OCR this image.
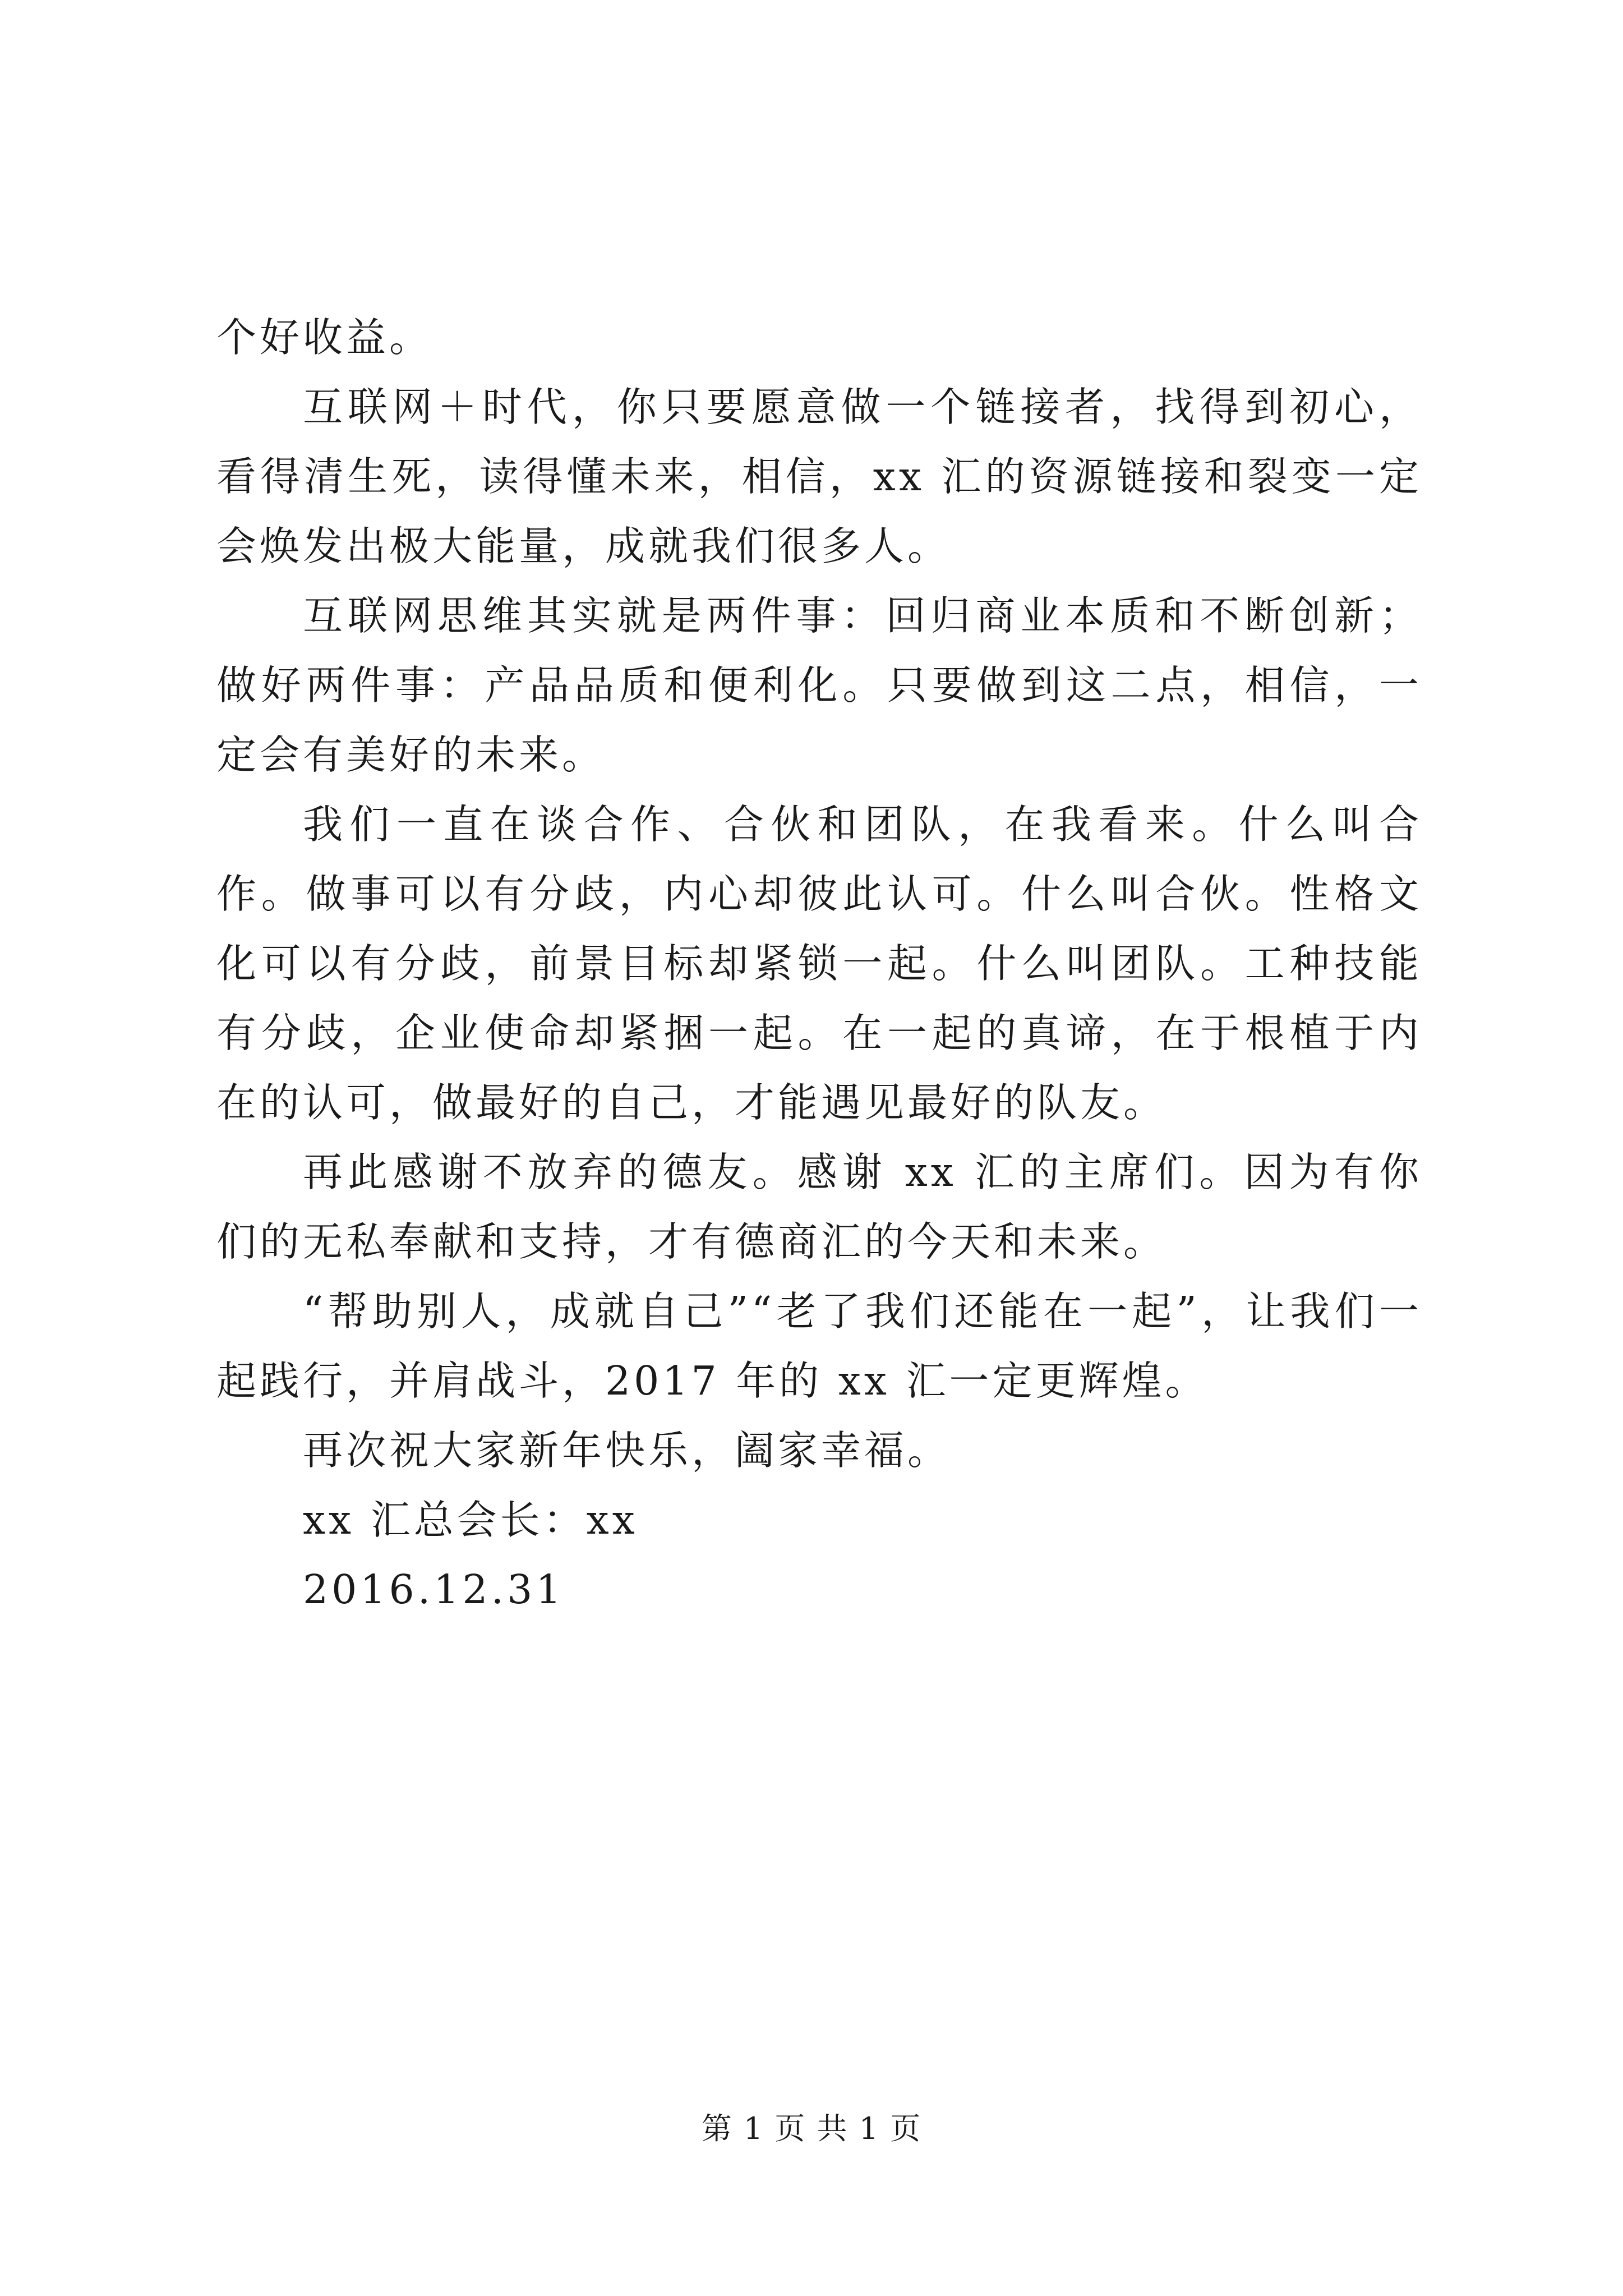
个好收益。

互联网＋时代，你只要愿意做一个链接者，找得到初心，看得清生死，读得懂未来，相信，xx 汇的资源链接和裂变一定会焕发出极大能量，成就我们很多人。

互联网思维其实就是两件事：回归商业本质和不断创新；做好两件事：产品品质和便利化。只要做到这二点，相信，一定会有美好的未来。

我们一直在谈合作、合伙和团队，在我看来。什么叫合作。做事可以有分歧，内心却彼此认可。什么叫合伙。性格文化可以有分歧，前景目标却紧锁一起。什么叫团队。工种技能有分歧，企业使命却紧捆一起。在一起的真谛，在于根植于内在的认可，做最好的自己，才能遇见最好的队友。

再此感谢不放弃的德友。感谢 xx 汇的主席们。因为有你们的无私奉献和支持，才有德商汇的今天和未来。

“帮助别人，成就自己”“老了我们还能在一起”，让我们一起践行，并肩战斗，2017 年的 xx 汇一定更辉煌。

再次祝大家新年快乐，阖家幸福。

xx 汇总会长：xx

2016.12.31

第 1 页 共 1 页
